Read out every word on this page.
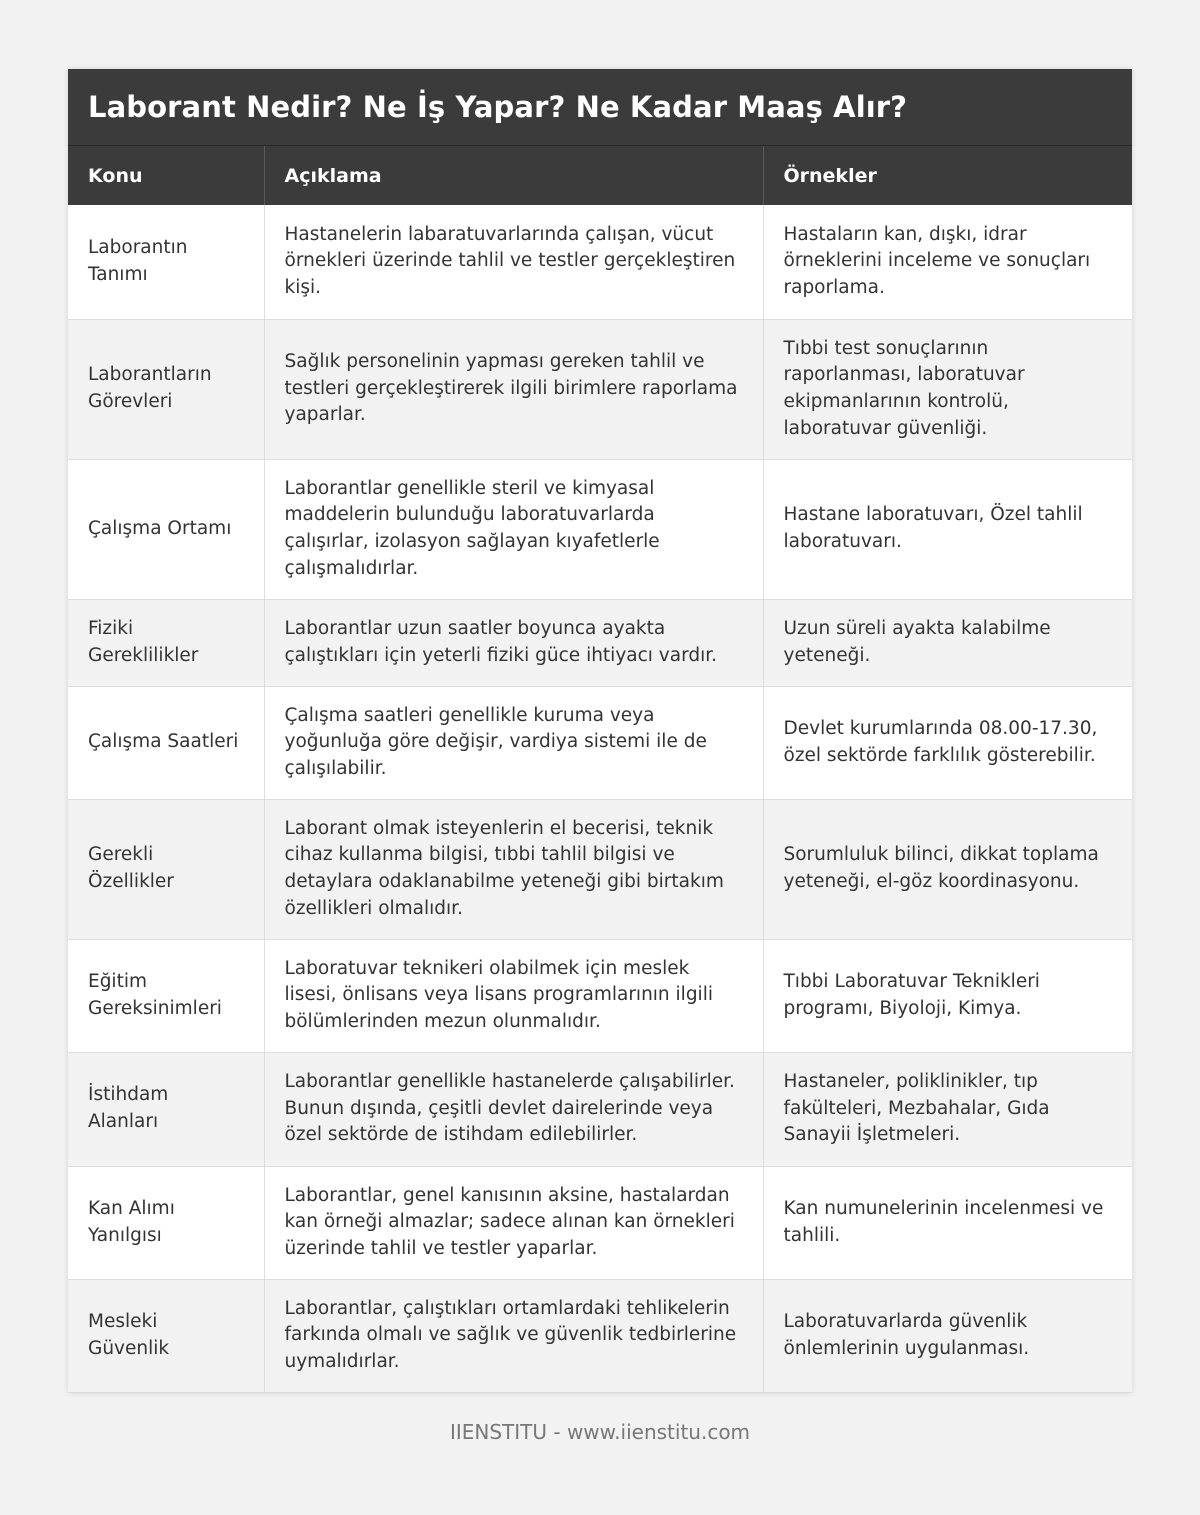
Laborant Nedir? Ne İş Yapar? Ne Kadar Maaş Alır?
Konu	Açıklama	Örnekler
Laborantın Tanımı	Hastanelerin labaratuvarlarında çalışan, vücut örnekleri üzerinde tahlil ve testler gerçekleştiren kişi.	Hastaların kan, dışkı, idrar örneklerini inceleme ve sonuçları raporlama.
Laborantların Görevleri	Sağlık personelinin yapması gereken tahlil ve testleri gerçekleştirerek ilgili birimlere raporlama yaparlar.	Tıbbi test sonuçlarının raporlanması, laboratuvar ekipmanlarının kontrolü, laboratuvar güvenliği.
Çalışma Ortamı	Laborantlar genellikle steril ve kimyasal maddelerin bulunduğu laboratuvarlarda çalışırlar, izolasyon sağlayan kıyafetlerle çalışmalıdırlar.	Hastane laboratuvarı, Özel tahlil laboratuvarı.
Fiziki Gereklilikler	Laborantlar uzun saatler boyunca ayakta çalıştıkları için yeterli fiziki güce ihtiyacı vardır.	Uzun süreli ayakta kalabilme yeteneği.
Çalışma Saatleri	Çalışma saatleri genellikle kuruma veya yoğunluğa göre değişir, vardiya sistemi ile de çalışılabilir.	Devlet kurumlarında 08.00-17.30, özel sektörde farklılık gösterebilir.
Gerekli Özellikler	Laborant olmak isteyenlerin el becerisi, teknik cihaz kullanma bilgisi, tıbbi tahlil bilgisi ve detaylara odaklanabilme yeteneği gibi birtakım özellikleri olmalıdır.	Sorumluluk bilinci, dikkat toplama yeteneği, el-göz koordinasyonu.
Eğitim Gereksinimleri	Laboratuvar teknikeri olabilmek için meslek lisesi, önlisans veya lisans programlarının ilgili bölümlerinden mezun olunmalıdır.	Tıbbi Laboratuvar Teknikleri programı, Biyoloji, Kimya.
İstihdam Alanları	Laborantlar genellikle hastanelerde çalışabilirler. Bunun dışında, çeşitli devlet dairelerinde veya özel sektörde de istihdam edilebilirler.	Hastaneler, poliklinikler, tıp fakülteleri, Mezbahalar, Gıda Sanayii İşletmeleri.
Kan Alımı Yanılgısı	Laborantlar, genel kanısının aksine, hastalardan kan örneği almazlar; sadece alınan kan örnekleri üzerinde tahlil ve testler yaparlar.	Kan numunelerinin incelenmesi ve tahlili.
Mesleki Güvenlik	Laborantlar, çalıştıkları ortamlardaki tehlikelerin farkında olmalı ve sağlık ve güvenlik tedbirlerine uymalıdırlar.	Laboratuvarlarda güvenlik önlemlerinin uygulanması.
IIENSTITU - www.iienstitu.com
